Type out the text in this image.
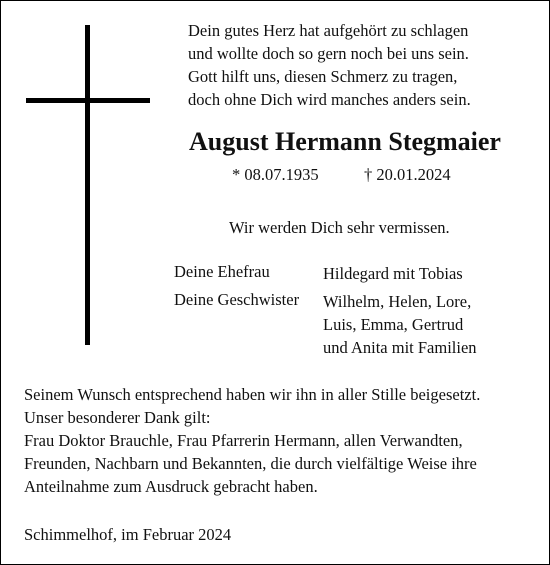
Dein gutes Herz hat aufgehört zu schlagen
und wollte doch so gern noch bei uns sein.
Gott hilft uns, diesen Schmerz zu tragen,
doch ohne Dich wird manches anders sein.
August Hermann Stegmaier
* 08.07.1935	† 20.01.2024
Wir werden Dich sehr vermissen.
Deine Ehefrau	Hildegard mit Tobias
Deine Geschwister Wilhelm, Helen, Lore,
Luis, Emma, Gertrud
und Anita mit Familien
Seinem Wunsch entsprechend haben wir ihn in aller Stille beigesetzt.
Unser besonderer Dank gilt:
Frau Doktor Brauchle, Frau Pfarrerin Hermann, allen Verwandten,
Freunden, Nachbarn und Bekannten, die durch vielfältige Weise ihre
Anteilnahme zum Ausdruck gebracht haben.
Schimmelhof, im Februar 2024
